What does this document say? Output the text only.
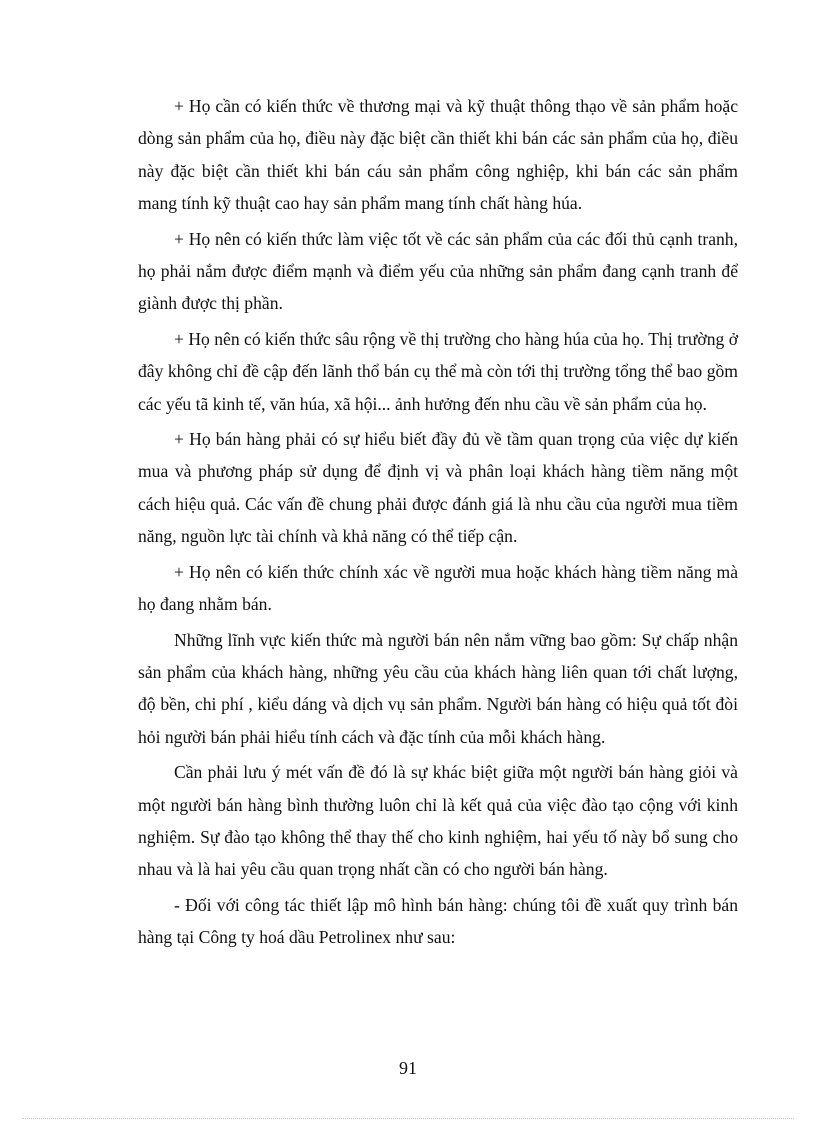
+ Họ cần có kiến thức về thương mại và kỹ thuật thông thạo về sản phẩm hoặc dòng sản phẩm của họ, điều này đặc biệt cần thiết khi bán các sản phẩm của họ, điều này đặc biệt cần thiết khi bán cáu sản phẩm công nghiệp, khi bán các sản phẩm mang tính kỹ thuật cao hay sản phẩm mang tính chất hàng húa.

+ Họ nên có kiến thức làm việc tốt về các sản phẩm của các đối thủ cạnh tranh, họ phải nắm được điểm mạnh và điểm yếu của những sản phẩm đang cạnh tranh để giành được thị phần.

+ Họ nên có kiến thức sâu rộng về thị trường cho hàng húa của họ. Thị trường ở đây không chỉ đề cập đến lãnh thổ bán cụ thể mà còn tới thị trường tổng thể bao gồm các yếu tã kinh tế, văn húa, xã hội... ảnh hưởng đến nhu cầu về sản phẩm của họ.

+ Họ bán hàng phải có sự hiểu biết đầy đủ về tầm quan trọng của việc dự kiến mua và phương pháp sử dụng để định vị và phân loại khách hàng tiềm năng một cách hiệu quả. Các vấn đề chung phải được đánh giá là nhu cầu của người mua tiềm năng, nguồn lực tài chính và khả năng có thể tiếp cận.

+ Họ nên có kiến thức chính xác về người mua hoặc khách hàng tiềm năng mà họ đang nhằm bán.

Những lĩnh vực kiến thức mà người bán nên nắm vững bao gồm: Sự chấp nhận sản phẩm của khách hàng, những yêu cầu của khách hàng liên quan tới chất lượng, độ bền, chi phí , kiểu dáng và dịch vụ sản phẩm. Người bán hàng có hiệu quả tốt đòi hỏi người bán phải hiểu tính cách và đặc tính của mỗi khách hàng.

Cần phải lưu ý mét vấn đề đó là sự khác biệt giữa một người bán hàng giỏi và một người bán hàng bình thường luôn chỉ là kết quả của việc đào tạo cộng với kinh nghiệm. Sự đào tạo không thể thay thế cho kinh nghiệm, hai yếu tố này bổ sung cho nhau và là hai yêu cầu quan trọng nhất cần có cho người bán hàng.

- Đối với công tác thiết lập mô hình bán hàng: chúng tôi đề xuất quy trình bán hàng tại Công ty hoá dầu Petrolinex như sau:

91
